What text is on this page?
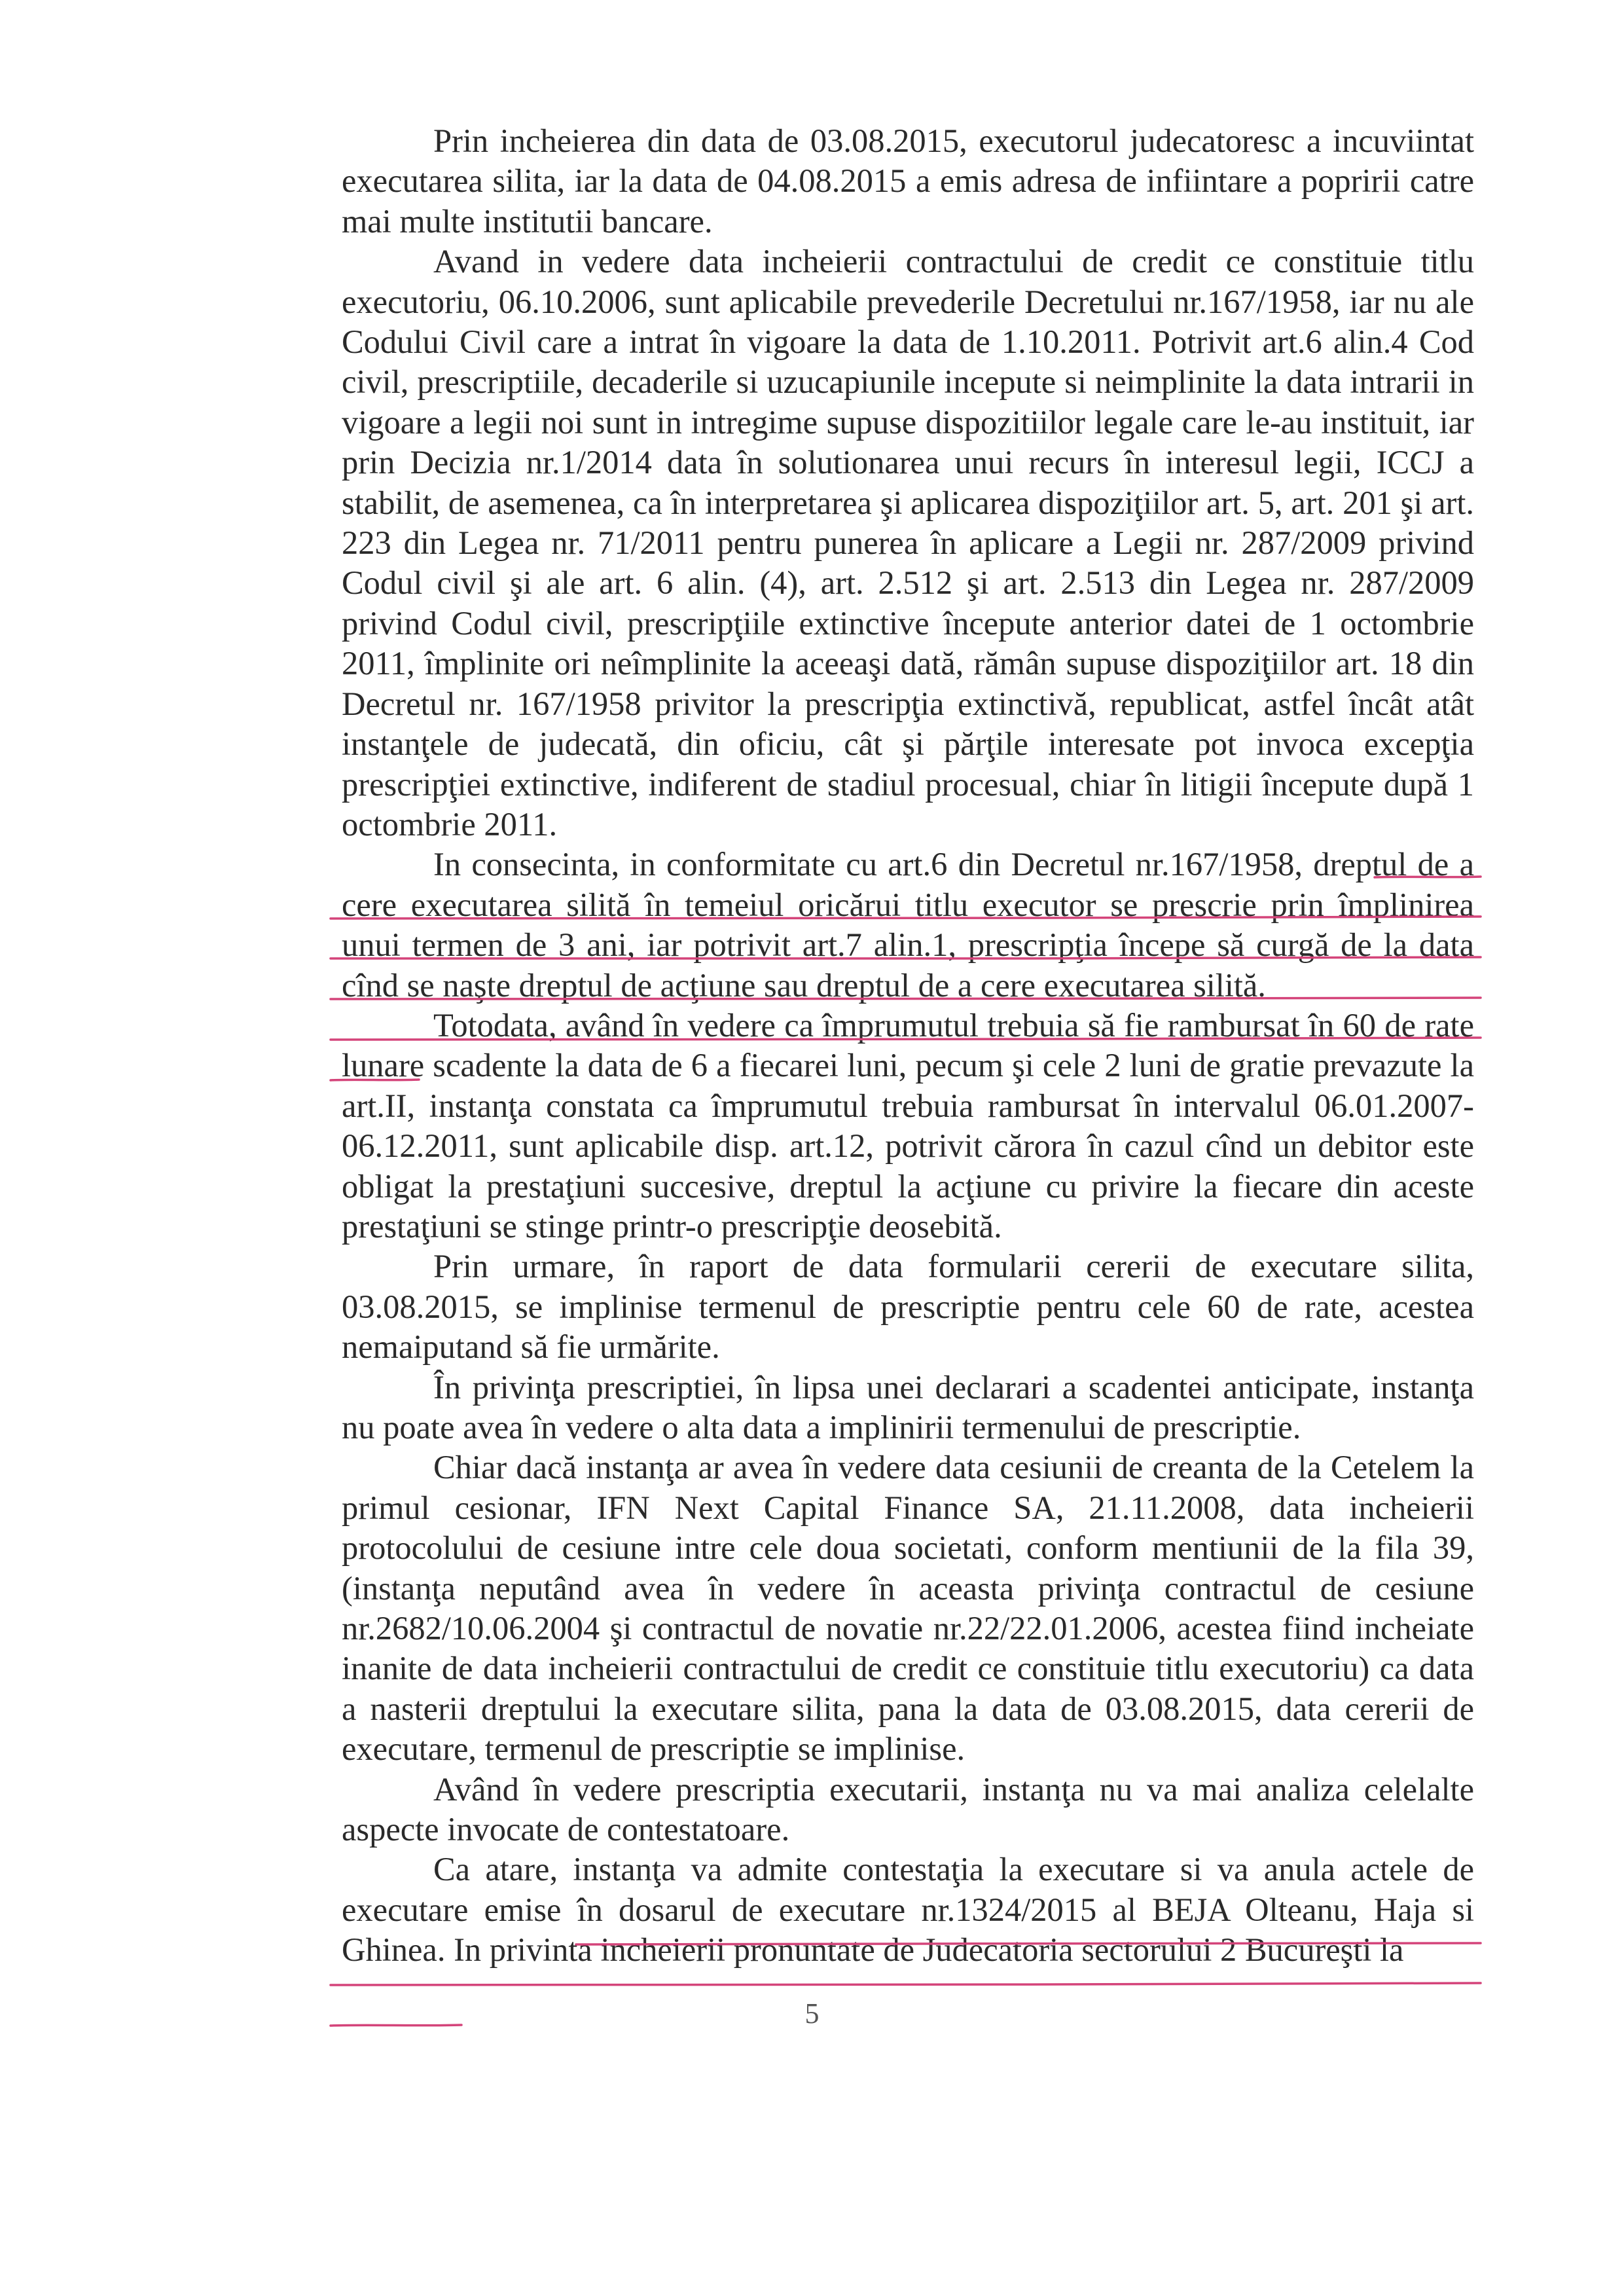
Prin incheierea din data de 03.08.2015, executorul judecatoresc a incuviintat executarea silita, iar la data de 04.08.2015 a emis adresa de infiintare a popririi catre mai multe institutii bancare.

Avand in vedere data incheierii contractului de credit ce constituie titlu executoriu, 06.10.2006, sunt aplicabile prevederile Decretului nr.167/1958, iar nu ale Codului Civil care a intrat în vigoare la data de 1.10.2011. Potrivit art.6 alin.4 Cod civil, prescriptiile, decaderile si uzucapiunile incepute si neimplinite la data intrarii in vigoare a legii noi sunt in intregime supuse dispozitiilor legale care le-au instituit, iar prin Decizia nr.1/2014 data în solutionarea unui recurs în interesul legii, ICCJ a stabilit, de asemenea, ca în interpretarea şi aplicarea dispoziţiilor art. 5, art. 201 şi art. 223 din Legea nr. 71/2011 pentru punerea în aplicare a Legii nr. 287/2009 privind Codul civil şi ale art. 6 alin. (4), art. 2.512 şi art. 2.513 din Legea nr. 287/2009 privind Codul civil, prescripţiile extinctive începute anterior datei de 1 octombrie 2011, împlinite ori neîmplinite la aceeaşi dată, rămân supuse dispoziţiilor art. 18 din Decretul nr. 167/1958 privitor la prescripţia extinctivă, republicat, astfel încât atât instanţele de judecată, din oficiu, cât şi părţile interesate pot invoca excepţia prescripţiei extinctive, indiferent de stadiul procesual, chiar în litigii începute după 1 octombrie 2011.

In consecinta, in conformitate cu art.6 din Decretul nr.167/1958, dreptul de a cere executarea silită în temeiul oricărui titlu executor se prescrie prin împlinirea unui termen de 3 ani, iar potrivit art.7 alin.1, prescripţia începe să curgă de la data cînd se naşte dreptul de acţiune sau dreptul de a cere executarea silită.

Totodata, având în vedere ca împrumutul trebuia să fie rambursat în 60 de rate lunare scadente la data de 6 a fiecarei luni, pecum şi cele 2 luni de gratie prevazute la art.II, instanţa constata ca împrumutul trebuia rambursat în intervalul 06.01.2007-06.12.2011, sunt aplicabile disp. art.12, potrivit cărora în cazul cînd un debitor este obligat la prestaţiuni succesive, dreptul la acţiune cu privire la fiecare din aceste prestaţiuni se stinge printr-o prescripţie deosebită.

Prin urmare, în raport de data formularii cererii de executare silita, 03.08.2015, se implinise termenul de prescriptie pentru cele 60 de rate, acestea nemaiputand să fie urmărite.

În privinţa prescriptiei, în lipsa unei declarari a scadentei anticipate, instanţa nu poate avea în vedere o alta data a implinirii termenului de prescriptie.

Chiar dacă instanţa ar avea în vedere data cesiunii de creanta de la Cetelem la primul cesionar, IFN Next Capital Finance SA, 21.11.2008, data incheierii protocolului de cesiune intre cele doua societati, conform mentiunii de la fila 39, (instanţa neputând avea în vedere în aceasta privinţa contractul de cesiune nr.2682/10.06.2004 şi contractul de novatie nr.22/22.01.2006, acestea fiind incheiate inanite de data incheierii contractului de credit ce constituie titlu executoriu) ca data a nasterii dreptului la executare silita, pana la data de 03.08.2015, data cererii de executare, termenul de prescriptie se implinise.

Având în vedere prescriptia executarii, instanţa nu va mai analiza celelalte aspecte invocate de contestatoare.

Ca atare, instanţa va admite contestaţia la executare si va anula actele de executare emise în dosarul de executare nr.1324/2015 al BEJA Olteanu, Haja si Ghinea. In privinta incheierii pronuntate de Judecatoria sectorului 2 Bucureşti la

5
